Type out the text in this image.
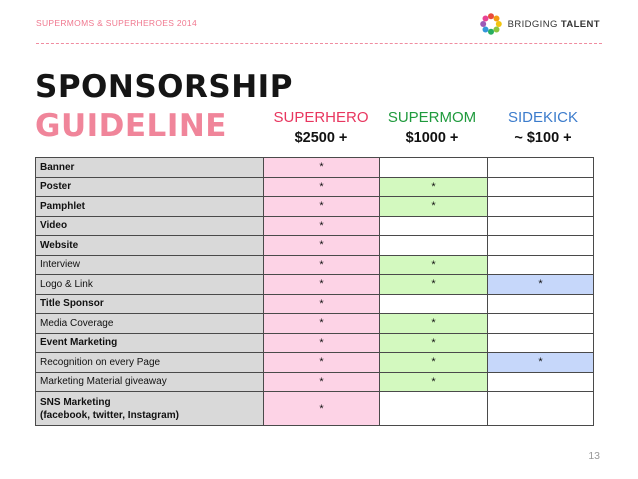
SUPERMOMS & SUPERHEROES 2014	BRIDGING TALENT
SPONSORSHIP
GUIDELINE	SUPERHERO
$2500 +
SUPERMOM
$1000 +
SIDEKICK
~ $100 +
Banner	*		
Poster	*	*	
Pamphlet	*	*	
Video	*		
Website	*		
Interview	*	*	
Logo & Link	*	*	*
Title Sponsor	*		
Media Coverage	*	*	
Event Marketing	*	*	
Recognition on every Page	*	*	*
Marketing Material giveaway	*	*	

SNS Marketing
(facebook, twitter, Instagram)	*		
13
